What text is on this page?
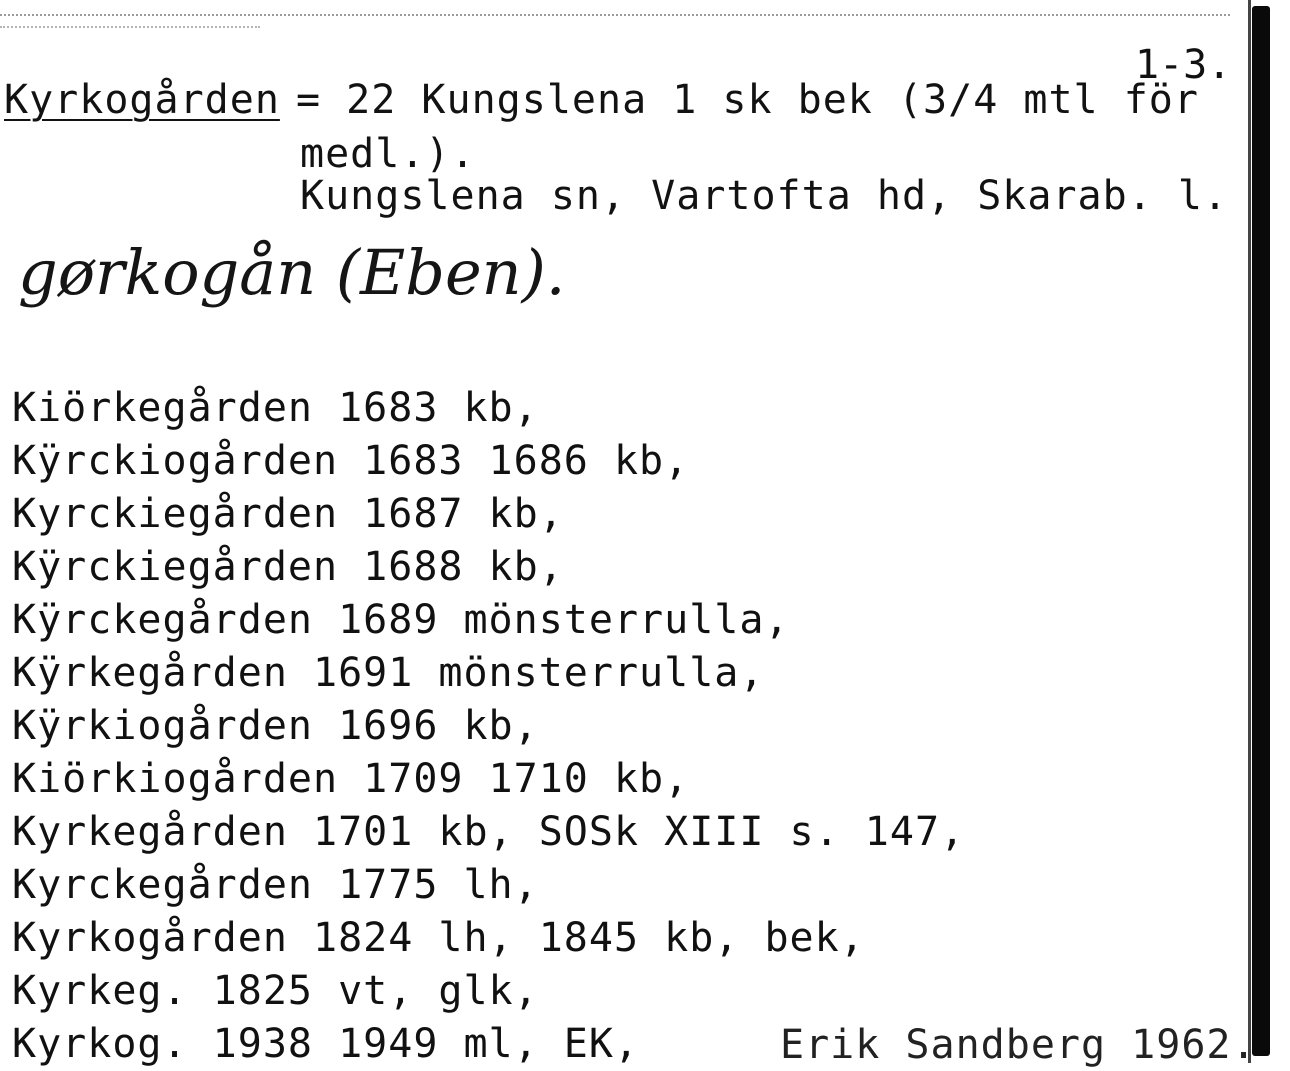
1-3.
Kyrkogården = 22 Kungslena 1 sk bek (3/4 mtl för
medl.).
Kungslena sn, Vartofta hd, Skarab. l.
gørkogån (Eben).
Kiörkegården 1683 kb,
Kÿrckiogården 1683 1686 kb,
Kyrckiegården 1687 kb,
Kÿrckiegården 1688 kb,
Kÿrckegården 1689 mönsterrulla,
Kÿrkegården 1691 mönsterrulla,
Kÿrkiogården 1696 kb,
Kiörkiogården 1709 1710 kb,
Kyrkegården 1701 kb, SOSk XIII s. 147,
Kyrckegården 1775 lh,
Kyrkogården 1824 lh, 1845 kb, bek,
Kyrkeg. 1825 vt, glk,
Kyrkog. 1938 1949 ml, EK,	Erik Sandberg 1962.
